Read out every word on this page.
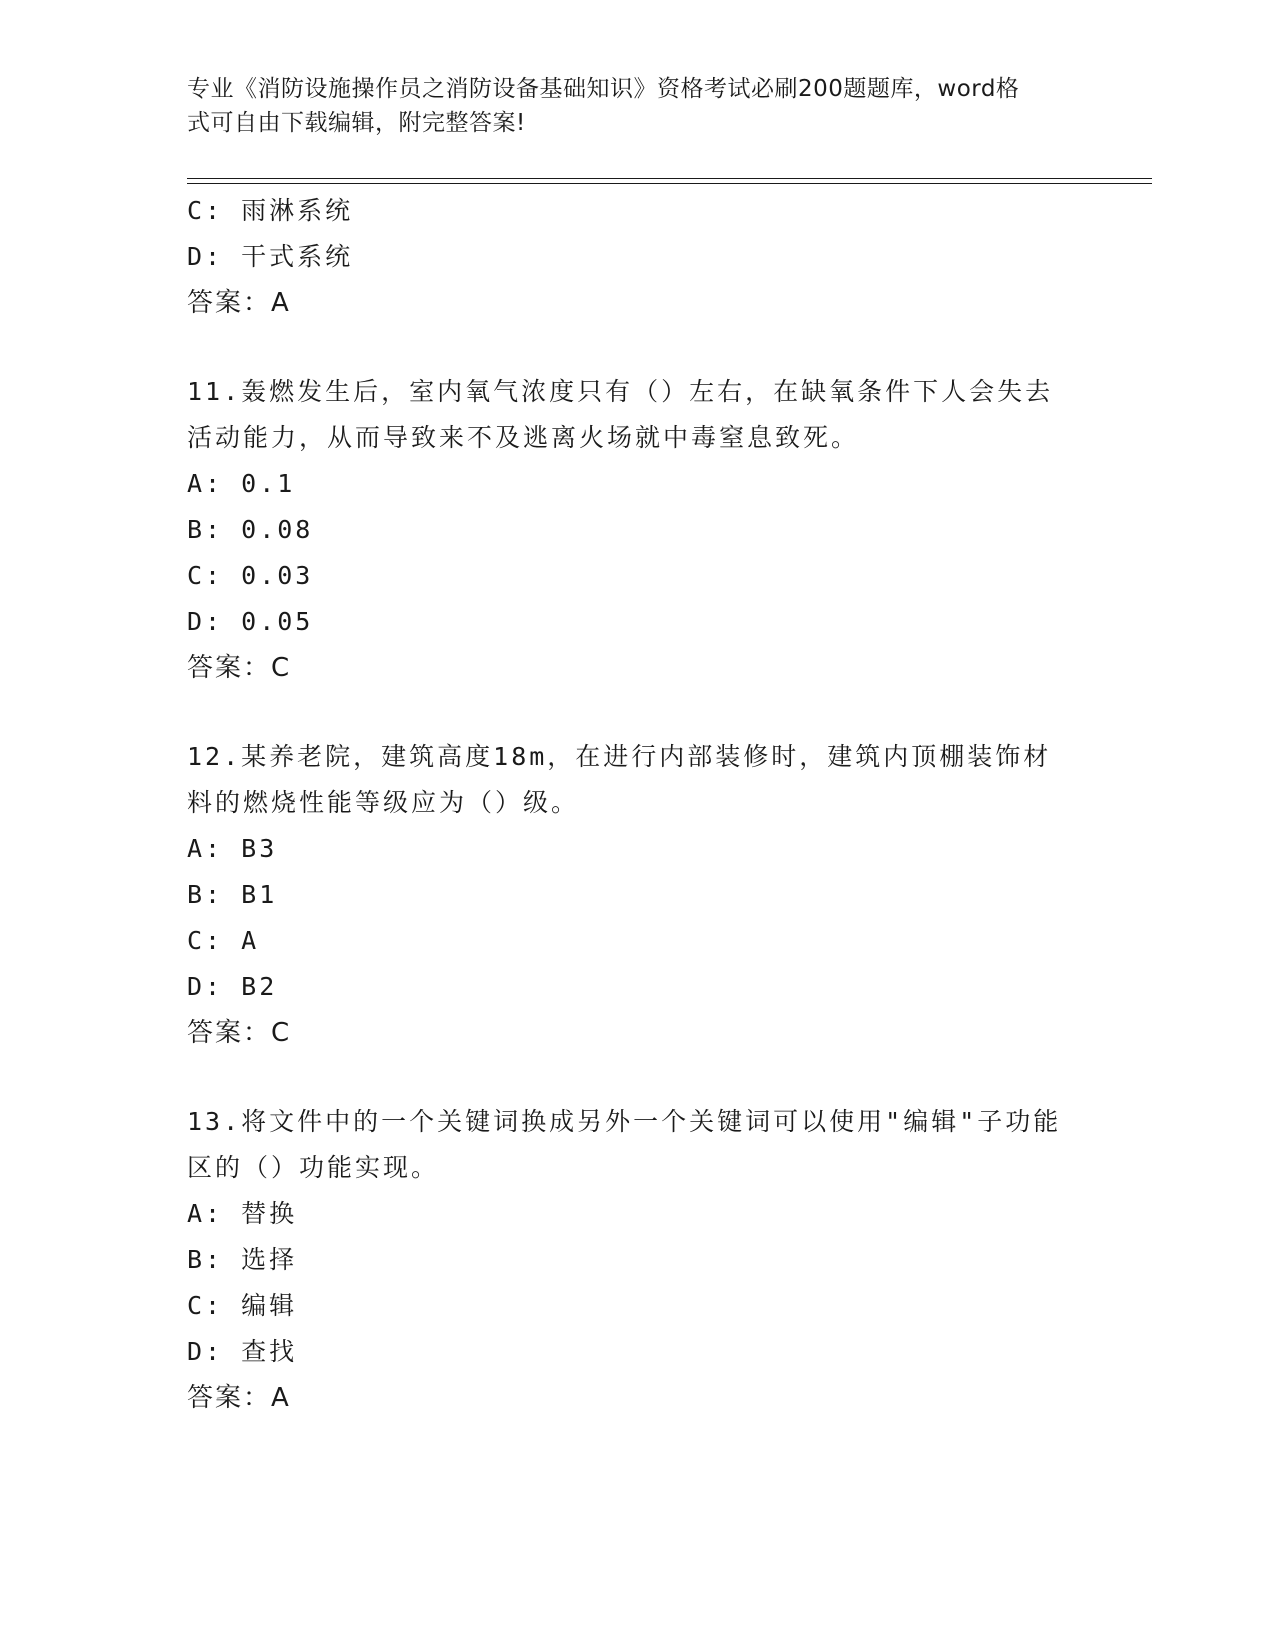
专业《消防设施操作员之消防设备基础知识》资格考试必刷200题题库，word格
式可自由下载编辑，附完整答案!
C: 雨淋系统
D: 干式系统
答案：A
11.轰燃发生后，室内氧气浓度只有（）左右，在缺氧条件下人会失去
活动能力，从而导致来不及逃离火场就中毒窒息致死。
A: 0.1
B: 0.08
C: 0.03
D: 0.05
答案：C
12.某养老院，建筑高度18m，在进行内部装修时，建筑内顶棚装饰材
料的燃烧性能等级应为（）级。
A: B3
B: B1
C: A
D: B2
答案：C
13.将文件中的一个关键词换成另外一个关键词可以使用"编辑"子功能
区的（）功能实现。
A: 替换
B: 选择
C: 编辑
D: 查找
答案：A
